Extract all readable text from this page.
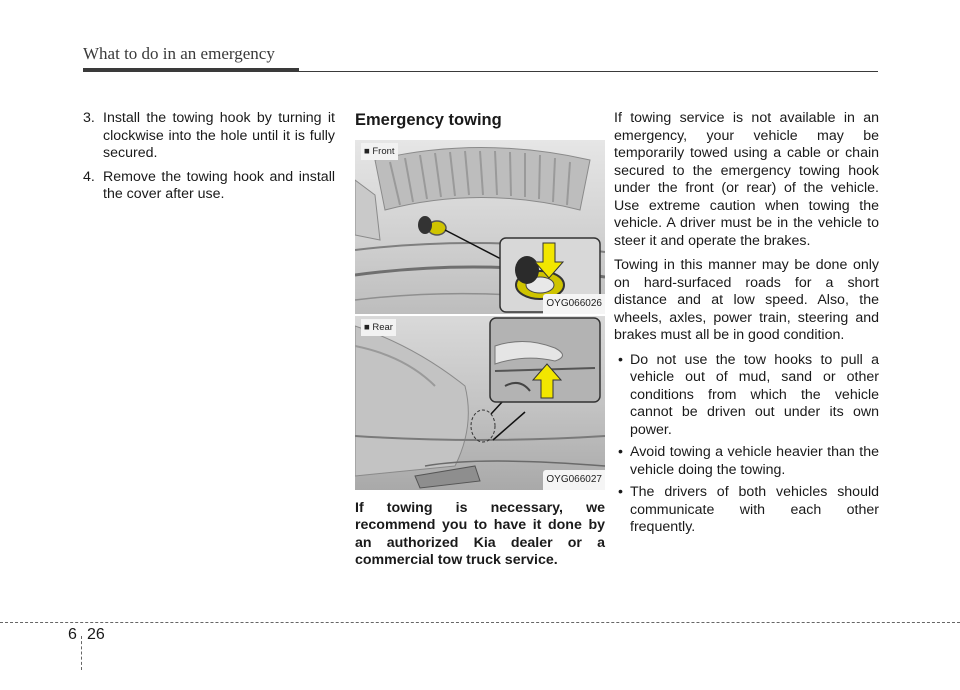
What to do in an emergency
3. Install the towing hook by turning it clockwise into the hole until it is fully secured.
4. Remove the towing hook and install the cover after use.
Emergency towing
■ Front
OYG066026
■ Rear
OYG066027
If towing is necessary, we recommend you to have it done by an authorized Kia dealer or a commercial tow truck service.

If towing service is not available in an emergency, your vehicle may be temporarily towed using a cable or chain secured to the emergency towing hook under the front (or rear) of the vehicle. Use extreme caution when towing the vehicle. A driver must be in the vehicle to steer it and operate the brakes.

Towing in this manner may be done only on hard-surfaced roads for a short distance and at low speed. Also, the wheels, axles, power train, steering and brakes must all be in good condition.

• Do not use the tow hooks to pull a vehicle out of mud, sand or other conditions from which the vehicle cannot be driven out under its own power.
• Avoid towing a vehicle heavier than the vehicle doing the towing.
• The drivers of both vehicles should communicate with each other frequently.
6 26
